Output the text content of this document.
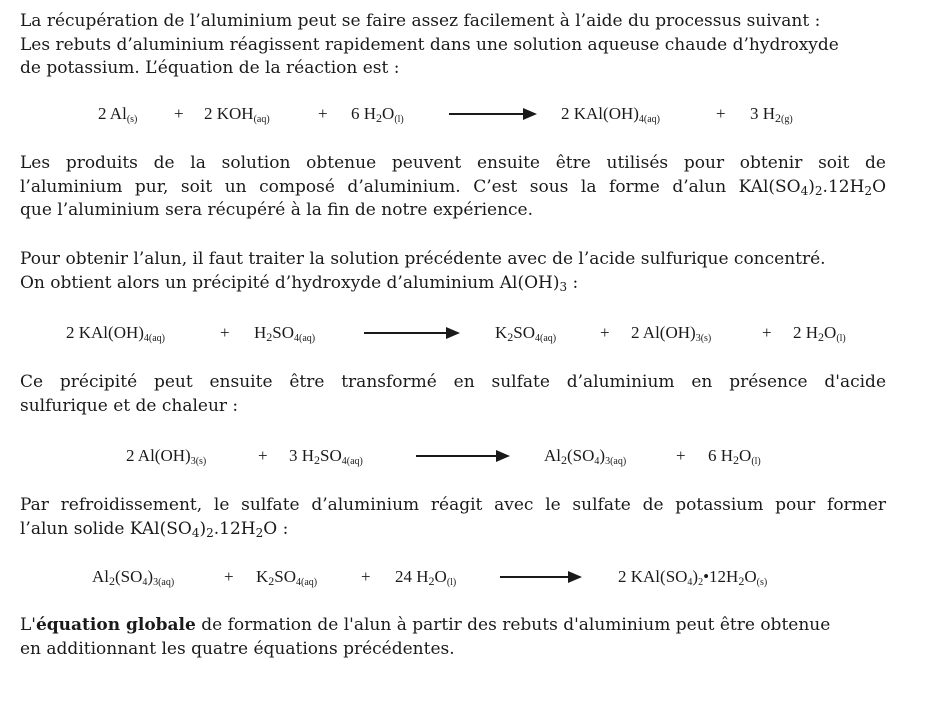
La récupération de l’aluminium peut se faire assez facilement à l’aide du processus suivant :
Les rebuts d’aluminium réagissent rapidement dans une solution aqueuse chaude d’hydroxyde
de potassium. L’équation de la réaction est :
2 $Al_{(s)} + 2$ $KOH_{(aq)}$	+ 6 $H2O_{(l)}$	2 $KAl(OH)_{4(aq)}$	+ 3 $H2_{(g)}$
Les produits de la solution obtenue peuvent ensuite être utilisés pour obtenir soit de
l’aluminium pur, soit un composé d’aluminium. C’est sous la forme d’alun KAl(SO4)2.12H2O
que l’aluminium sera récupéré à la fin de notre expérience.
Pour obtenir l’alun, il faut traiter la solution précédente avec de l’acide sulfurique concentré.
On obtient alors un précipité d’hydroxyde d’aluminium Al(OH)3 :
2 $KAl(OH)_{4(aq)}$	+ $H2SO_{4(aq)}$	$K2SO_{4(aq)}$	+ 2 $Al(OH)_{3(s)}$	+ 2 $H2O_{(l)}$
Ce précipité peut ensuite être transformé en sulfate d’aluminium en présence d'acide
sulfurique et de chaleur :
2 $Al(OH)_{3(s)}$	+ 3 $H2SO_{4(aq)}$	$Al2(SO_4)_{3(aq)}$	+ 6 $H2O_{(l)}$
Par refroidissement, le sulfate d’aluminium réagit avec le sulfate de potassium pour former
l’alun solide KAl(SO4)2.12H2O :
$Al2(SO_4)_{3(aq)}$	+ $K2SO_{4(aq)}$	+ 24 $H2O_{(l)}$	2 $KAl(SO_4)_2•12H2O_{(s)}$
L'équation globale de formation de l'alun à partir des rebuts d'aluminium peut être obtenue
en additionnant les quatre équations précédentes.
